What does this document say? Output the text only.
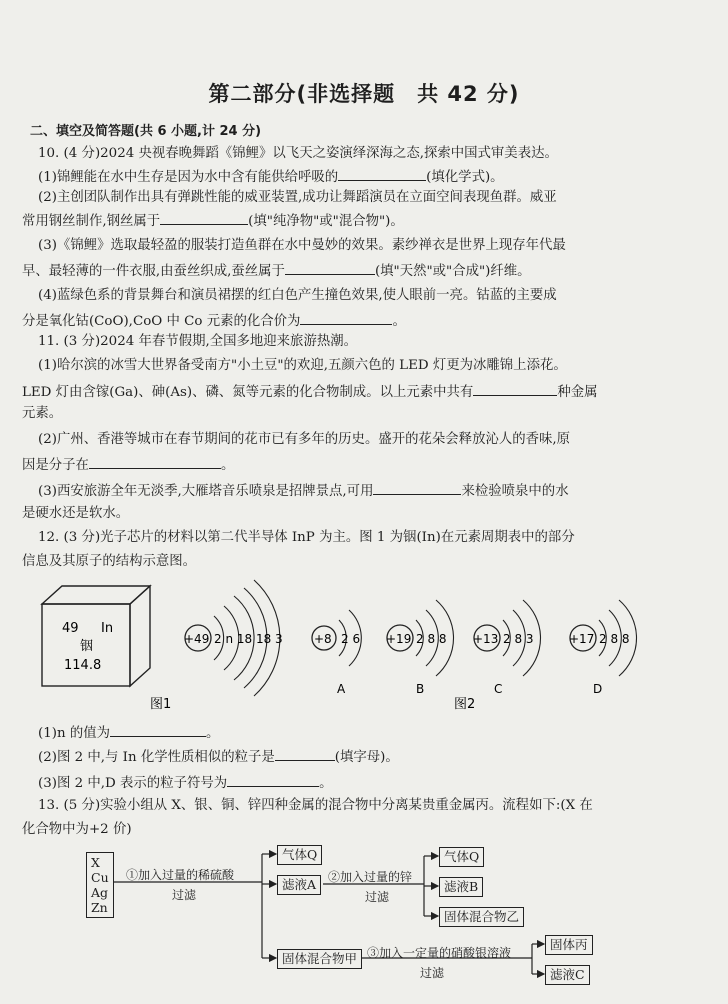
第二部分(非选择题　共 42 分)
二、填空及简答题(共 6 小题,计 24 分)
10. (4 分)2024 央视春晚舞蹈《锦鲤》以飞天之姿演绎深海之态,探索中国式审美表达。
(1)锦鲤能在水中生存是因为水中含有能供给呼吸的	(填化学式)。
(2)主创团队制作出具有弹跳性能的威亚装置,成功让舞蹈演员在立面空间表现鱼群。威亚
常用钢丝制作,钢丝属于	(填"纯净物"或"混合物")。
(3)《锦鲤》选取最轻盈的服装打造鱼群在水中曼妙的效果。素纱禅衣是世界上现存年代最
早、最轻薄的一件衣服,由蚕丝织成,蚕丝属于	(填"天然"或"合成")纤维。
(4)蓝绿色系的背景舞台和演员裙摆的红白色产生撞色效果,使人眼前一亮。钴蓝的主要成
分是氧化钴(CoO),CoO 中 Co 元素的化合价为	。
11. (3 分)2024 年春节假期,全国多地迎来旅游热潮。
(1)哈尔滨的冰雪大世界备受南方"小土豆"的欢迎,五颜六色的 LED 灯更为冰雕锦上添花。
LED 灯由含镓(Ga)、砷(As)、磷、氮等元素的化合物制成。以上元素中共有	种金属
元素。
(2)广州、香港等城市在春节期间的花市已有多年的历史。盛开的花朵会释放沁人的香味,原
因是分子在	。
(3)西安旅游全年无淡季,大雁塔音乐喷泉是招牌景点,可用	来检验喷泉中的水
是硬水还是软水。
12. (3 分)光子芯片的材料以第二代半导体 InP 为主。图 1 为铟(In)在元素周期表中的部分
信息及其原子的结构示意图。
49 In
铟
114.8
+49 2 n 18 18 3	+8 2 6
A
+19 2 8 8
B
+13 2 8 3
C
+17 2 8 8
D
图1	图2
(1)n 的值为	。
(2)图 2 中,与 In 化学性质相似的粒子是	(填字母)。
(3)图 2 中,D 表示的粒子符号为	。
13. (5 分)实验小组从 X、银、铜、锌四种金属的混合物中分离某贵重金属丙。流程如下:(X 在
化合物中为+2 价)
X
Cu
Ag
Zn
①加入过量的稀硫酸
过滤
气体Q
滤液A ②加入过量的锌
过滤
气体Q
滤液B
固体混合物乙
固体混合物甲 ③加入一定量的硝酸银溶液
过滤
固体丙
滤液C
